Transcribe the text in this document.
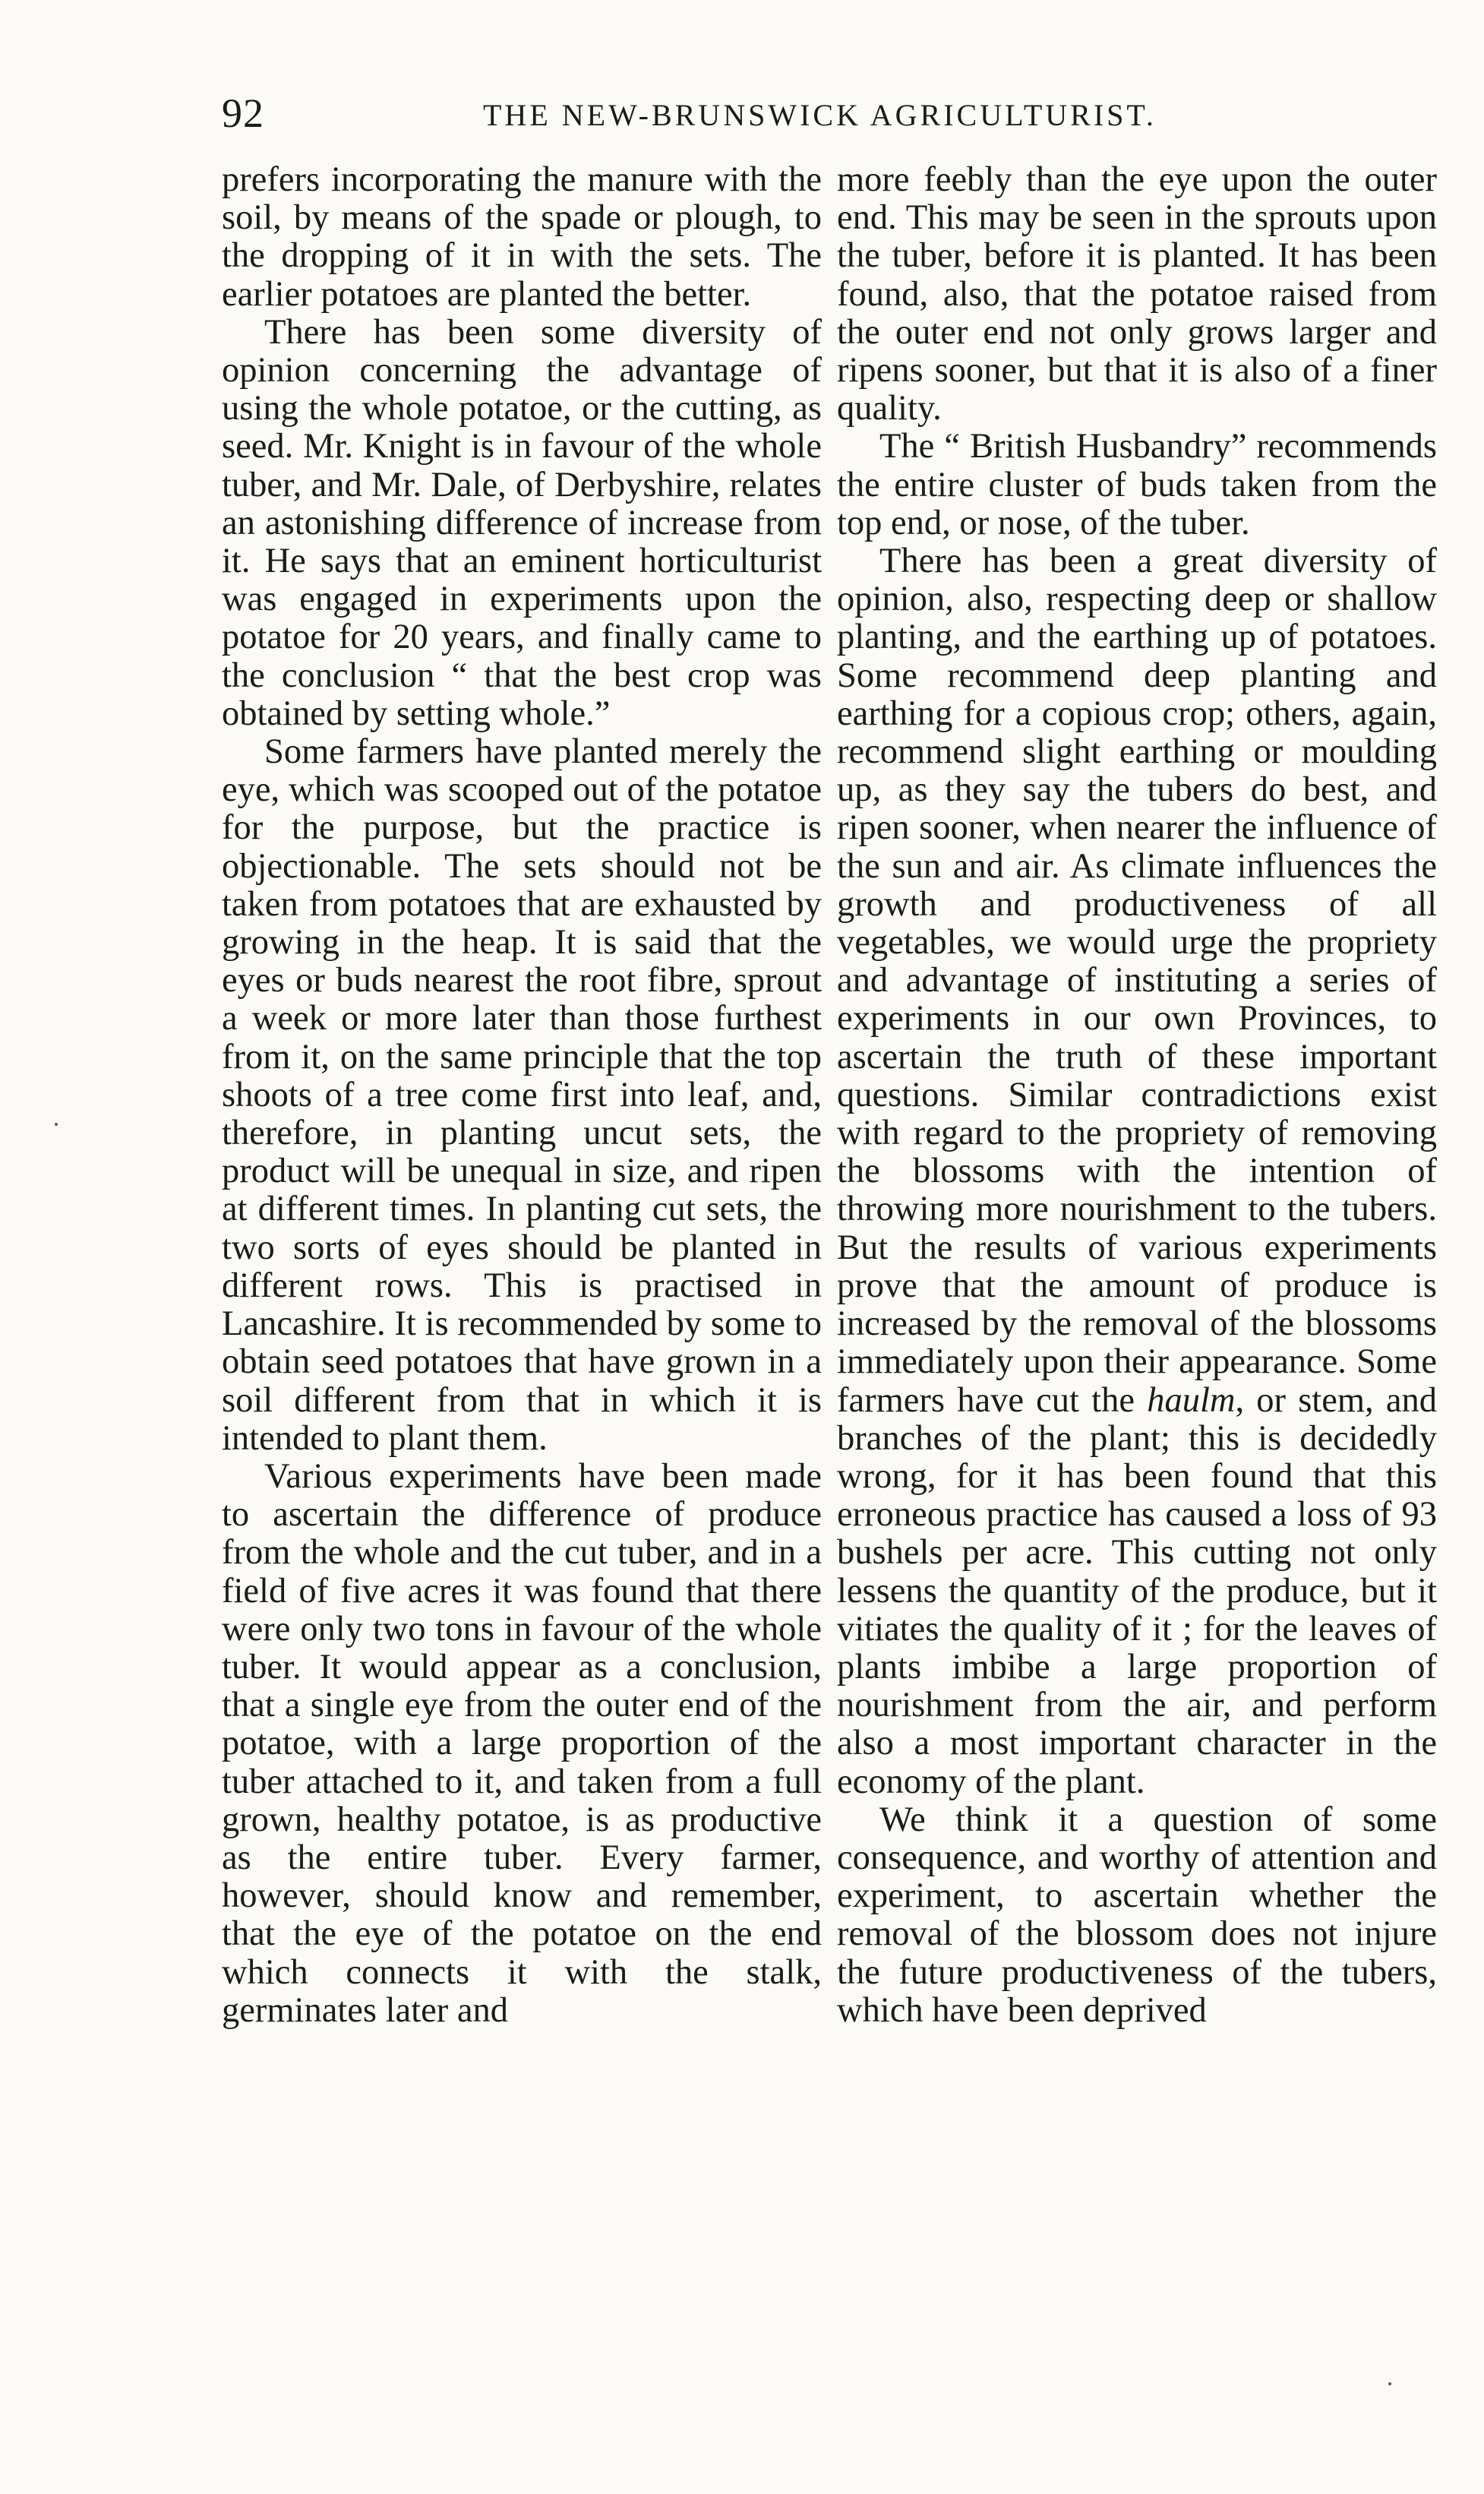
92	THE NEW-BRUNSWICK AGRICULTURIST.

prefers incorporating the manure with the soil, by means of the spade or plough, to the dropping of it in with the sets. The earlier potatoes are planted the better.

There has been some diversity of opinion concerning the advantage of using the whole potatoe, or the cutting, as seed. Mr. Knight is in favour of the whole tuber, and Mr. Dale, of Derbyshire, relates an astonishing difference of increase from it. He says that an eminent horticulturist was engaged in experiments upon the potatoe for 20 years, and finally came to the conclusion “ that the best crop was obtained by setting whole.”

Some farmers have planted merely the eye, which was scooped out of the potatoe for the purpose, but the practice is objectionable. The sets should not be taken from potatoes that are exhausted by growing in the heap. It is said that the eyes or buds nearest the root fibre, sprout a week or more later than those furthest from it, on the same principle that the top shoots of a tree come first into leaf, and, therefore, in planting uncut sets, the product will be unequal in size, and ripen at different times. In planting cut sets, the two sorts of eyes should be planted in different rows. This is practised in Lancashire. It is recommended by some to obtain seed potatoes that have grown in a soil different from that in which it is intended to plant them.

Various experiments have been made to ascertain the difference of produce from the whole and the cut tuber, and in a field of five acres it was found that there were only two tons in favour of the whole tuber. It would appear as a conclusion, that a single eye from the outer end of the potatoe, with a large proportion of the tuber attached to it, and taken from a full grown, healthy potatoe, is as productive as the entire tuber. Every farmer, however, should know and remember, that the eye of the potatoe on the end which connects it with the stalk, germinates later and

more feebly than the eye upon the outer end. This may be seen in the sprouts upon the tuber, before it is planted. It has been found, also, that the potatoe raised from the outer end not only grows larger and ripens sooner, but that it is also of a finer quality.

The “ British Husbandry” recommends the entire cluster of buds taken from the top end, or nose, of the tuber.

There has been a great diversity of opinion, also, respecting deep or shallow planting, and the earthing up of potatoes. Some recommend deep planting and earthing for a copious crop; others, again, recommend slight earthing or moulding up, as they say the tubers do best, and ripen sooner, when nearer the influence of the sun and air. As climate influences the growth and productiveness of all vegetables, we would urge the propriety and advantage of instituting a series of experiments in our own Provinces, to ascertain the truth of these important questions. Similar contradictions exist with regard to the propriety of removing the blossoms with the intention of throwing more nourishment to the tubers. But the results of various experiments prove that the amount of produce is increased by the removal of the blossoms immediately upon their appearance. Some farmers have cut the haulm, or stem, and branches of the plant; this is decidedly wrong, for it has been found that this erroneous practice has caused a loss of 93 bushels per acre. This cutting not only lessens the quantity of the produce, but it vitiates the quality of it ; for the leaves of plants imbibe a large proportion of nourishment from the air, and perform also a most important character in the economy of the plant.

We think it a question of some consequence, and worthy of attention and experiment, to ascertain whether the removal of the blossom does not injure the future productiveness of the tubers, which have been deprived
